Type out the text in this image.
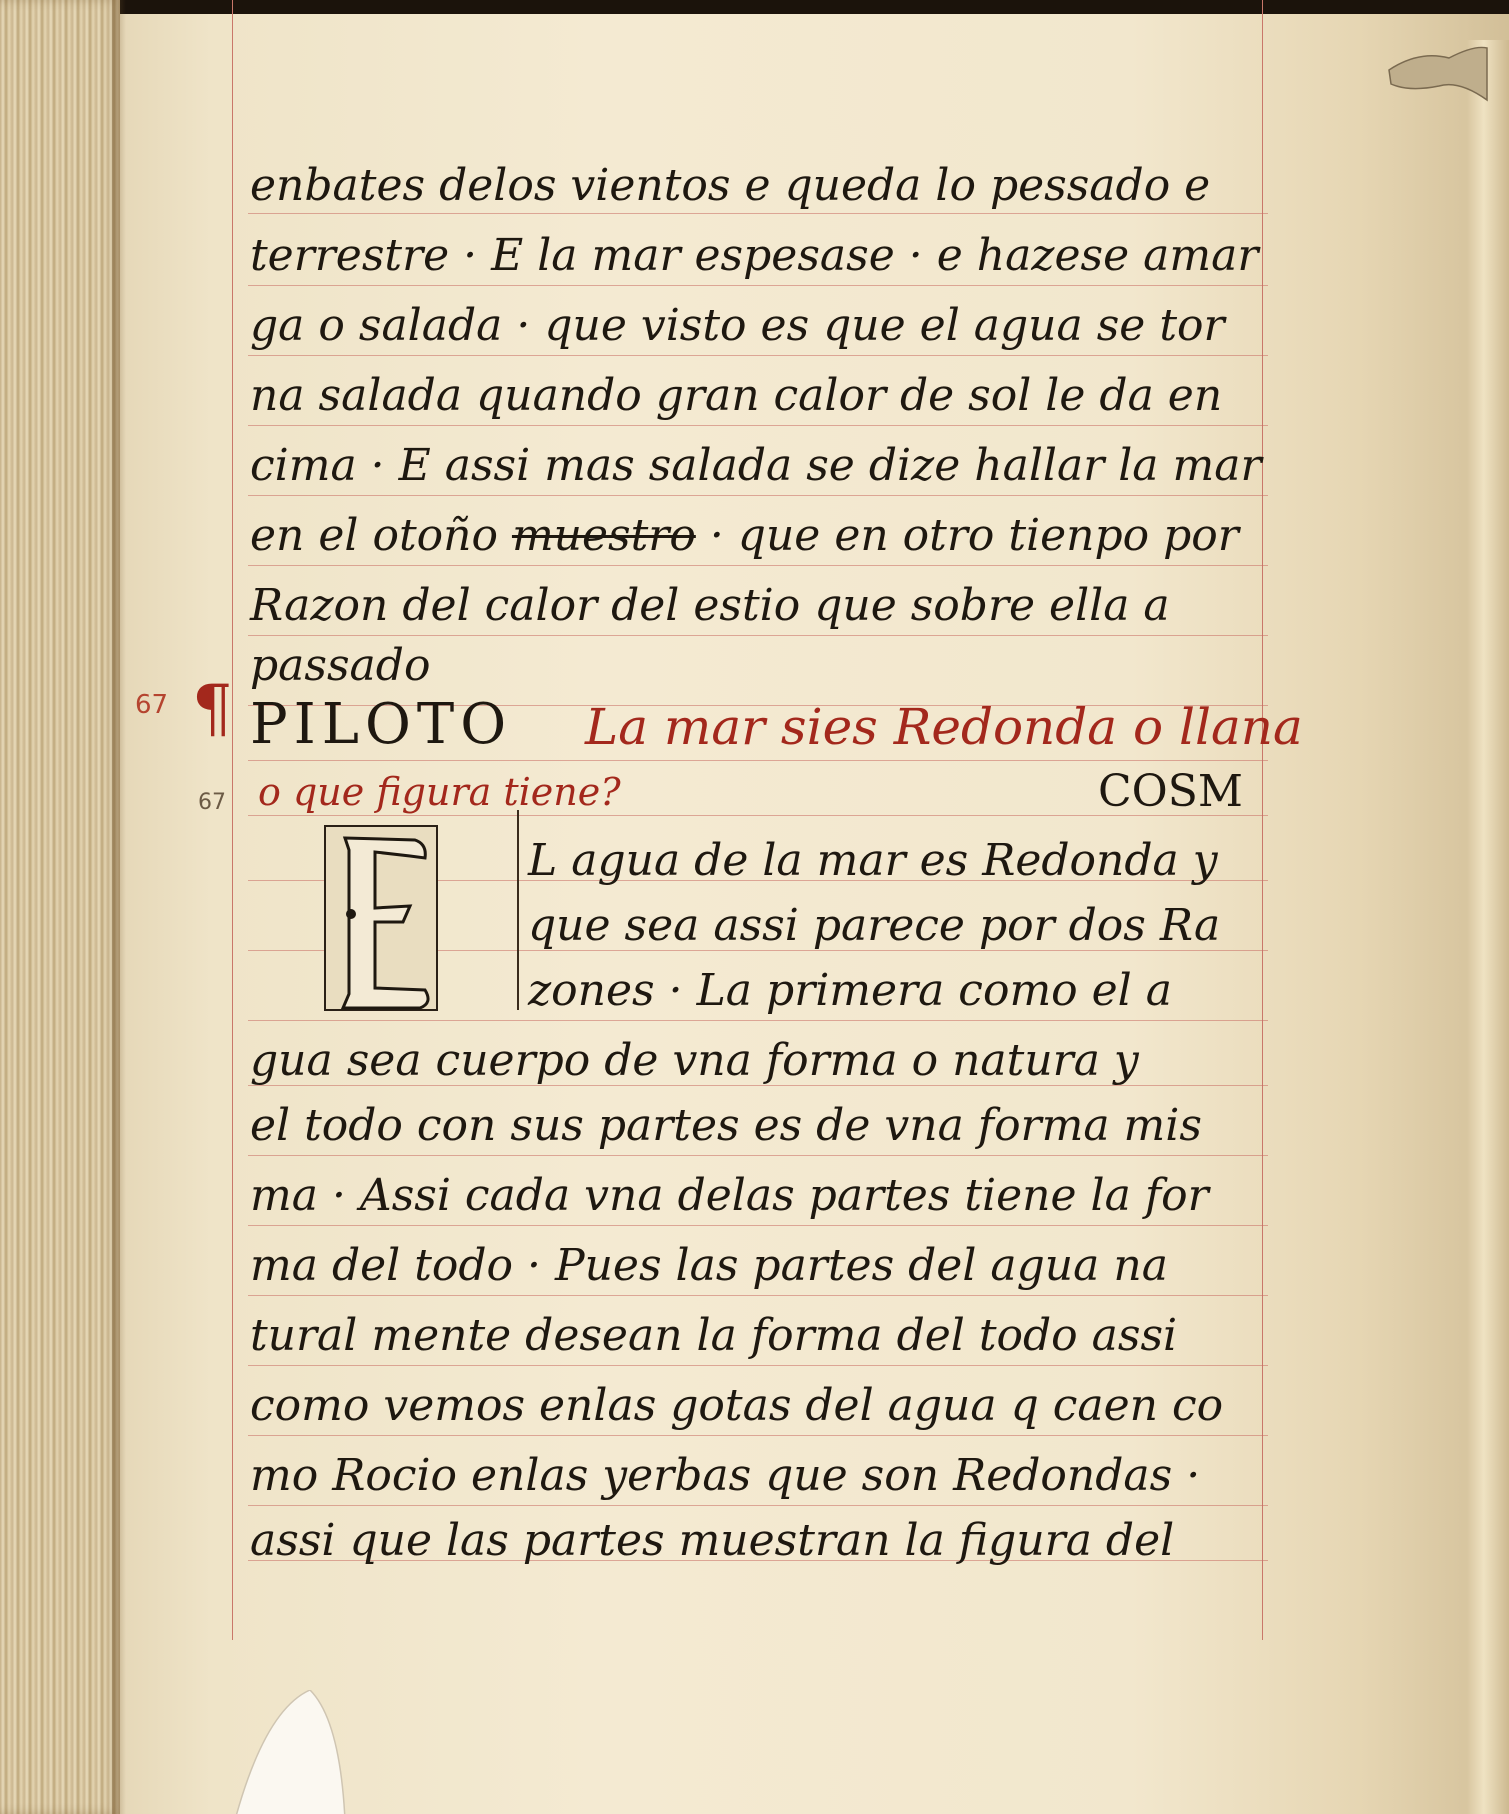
enbates delos vientos e queda lo pessado e
terrestre · E la mar espesase · e hazese amar
ga o salada · que visto es que el agua se tor
na salada quando gran calor de sol le da en
cima · E assi mas salada se dize hallar la mar
en el otoño muestro · que en otro tienpo por
Razon del calor del estio que sobre ella a
passado
67
67
¶ PILOTO La mar sies Redonda o llana
o que figura tiene?	COSM
L agua de la mar es Redonda y
que sea assi parece por dos Ra
zones · La primera como el a
gua sea cuerpo de vna forma o natura y
el todo con sus partes es de vna forma mis
ma · Assi cada vna delas partes tiene la for
ma del todo · Pues las partes del agua na
tural mente desean la forma del todo assi
como vemos enlas gotas del agua q caen co
mo Rocio enlas yerbas que son Redondas ·
assi que las partes muestran la figura del
